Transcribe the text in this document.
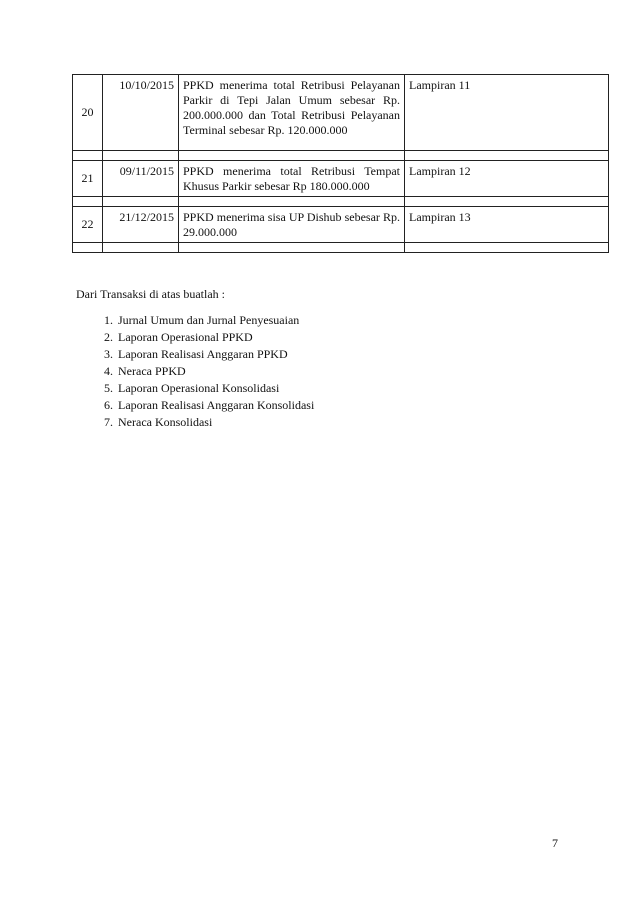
20	10/10/2015	PPKD menerima total Retribusi Pelayanan Parkir di Tepi Jalan Umum sebesar Rp. 200.000.000 dan Total Retribusi Pelayanan Terminal sebesar Rp. 120.000.000	Lampiran 11

21	09/11/2015	PPKD menerima total Retribusi Tempat Khusus Parkir sebesar Rp 180.000.000	Lampiran 12

22	21/12/2015	PPKD menerima sisa UP Dishub sebesar Rp. 29.000.000	Lampiran 13

Dari Transaksi di atas buatlah :
1. Jurnal Umum dan Jurnal Penyesuaian
2. Laporan Operasional PPKD
3. Laporan Realisasi Anggaran PPKD
4. Neraca PPKD
5. Laporan Operasional Konsolidasi
6. Laporan Realisasi Anggaran Konsolidasi
7. Neraca Konsolidasi
7
